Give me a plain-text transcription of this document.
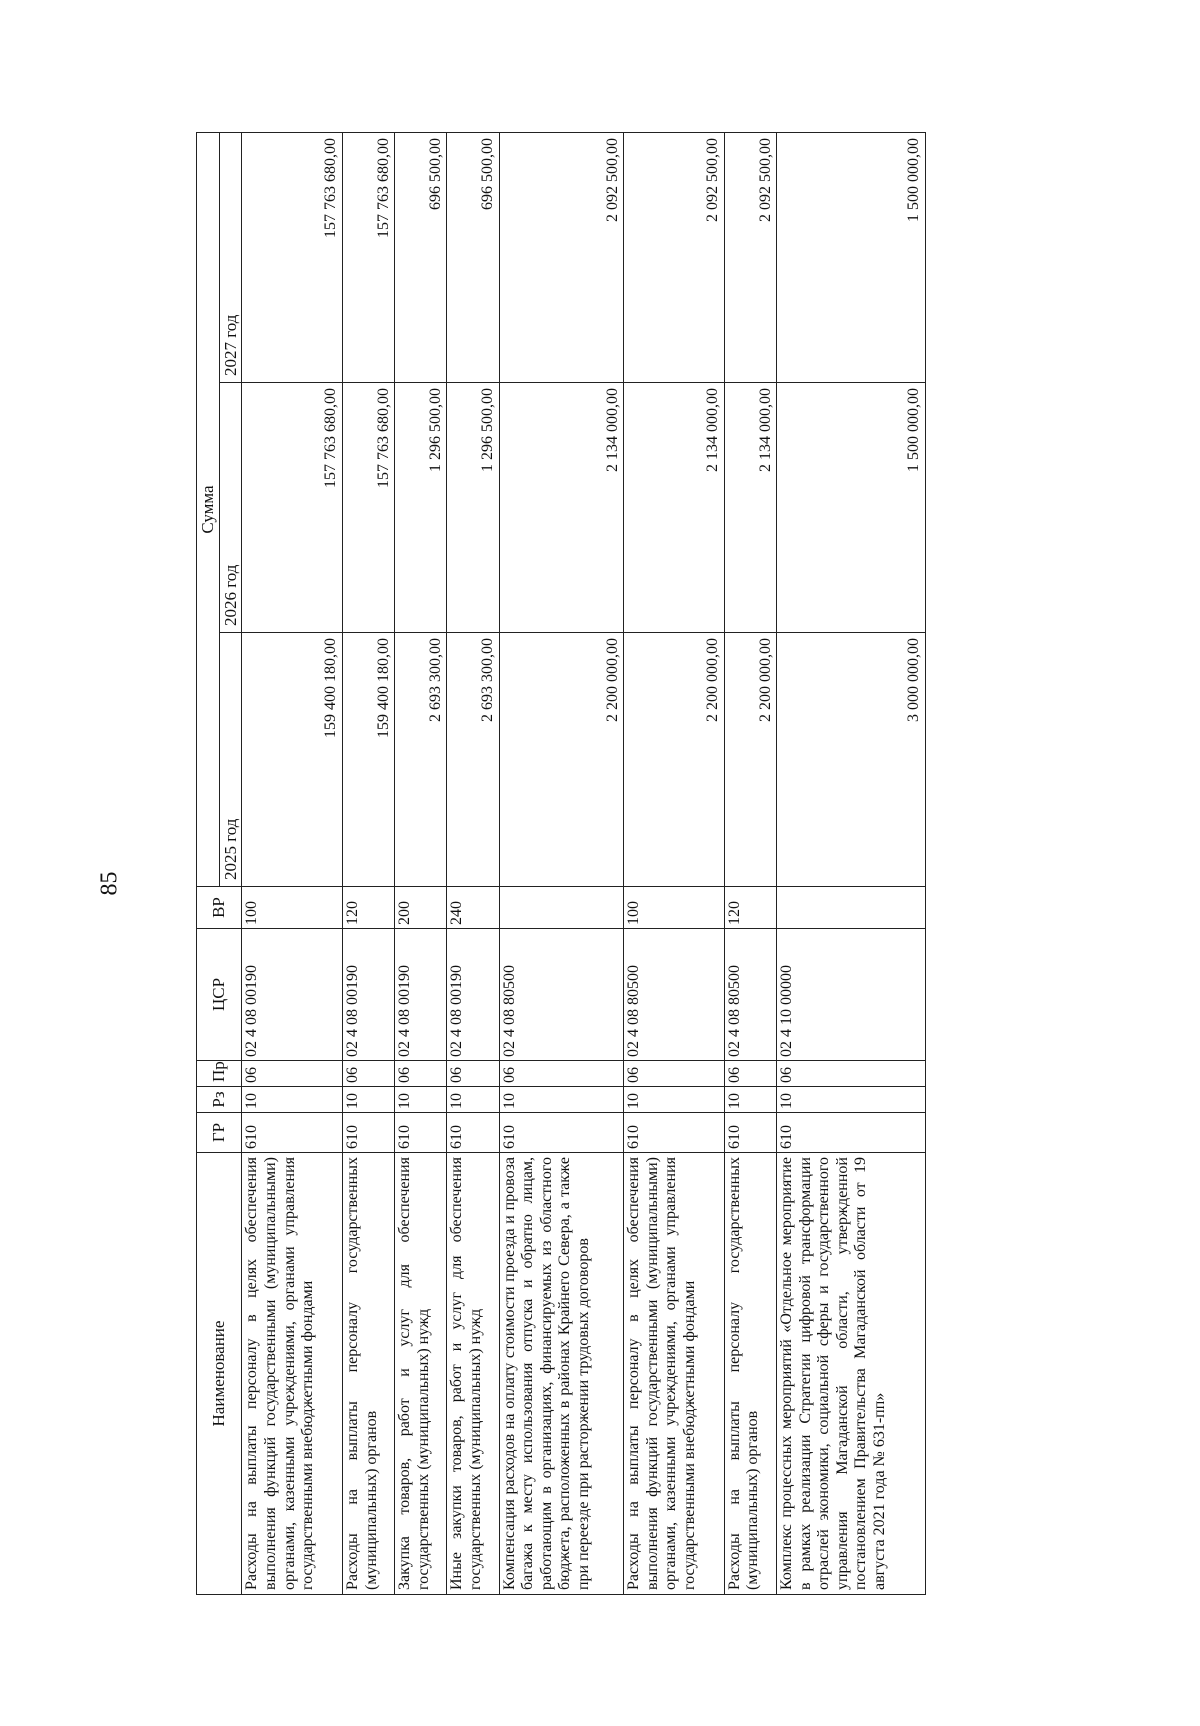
85
Наименование	ГР	Рз	Пр	ЦСР	ВР	Сумма		
						2025 год	2026 год	2027 год
Расходы на выплаты персоналу в целях обеспечения выполнения функций государственными (муниципальными) органами, казенными учреждениями, органами управления государственными внебюджетными фондами	610	10	06	02 4 08 00190	100	159 400 180,00	157 763 680,00	157 763 680,00
Расходы на выплаты персоналу государственных (муниципальных) органов	610	10	06	02 4 08 00190	120	159 400 180,00	157 763 680,00	157 763 680,00
Закупка товаров, работ и услуг для обеспечения государственных (муниципальных) нужд	610	10	06	02 4 08 00190	200	2 693 300,00	1 296 500,00	696 500,00
Иные закупки товаров, работ и услуг для обеспечения государственных (муниципальных) нужд	610	10	06	02 4 08 00190	240	2 693 300,00	1 296 500,00	696 500,00
Компенсация расходов на оплату стоимости проезда и провоза багажа к месту использования отпуска и обратно лицам, работающим в организациях, финансируемых из областного бюджета, расположенных в районах Крайнего Севера, а также при переезде при расторжении трудовых договоров	610	10	06	02 4 08 80500		2 200 000,00	2 134 000,00	2 092 500,00
Расходы на выплаты персоналу в целях обеспечения выполнения функций государственными (муниципальными) органами, казенными учреждениями, органами управления государственными внебюджетными фондами	610	10	06	02 4 08 80500	100	2 200 000,00	2 134 000,00	2 092 500,00
Расходы на выплаты персоналу государственных (муниципальных) органов	610	10	06	02 4 08 80500	120	2 200 000,00	2 134 000,00	2 092 500,00
Комплекс процессных мероприятий «Отдельное мероприятие в рамках реализации Стратегии цифровой трансформации отраслей экономики, социальной сферы и государственного управления Магаданской области, утвержденной постановлением Правительства Магаданской области от 19 августа 2021 года № 631-пп»	610	10	06	02 4 10 00000		3 000 000,00	1 500 000,00	1 500 000,00
